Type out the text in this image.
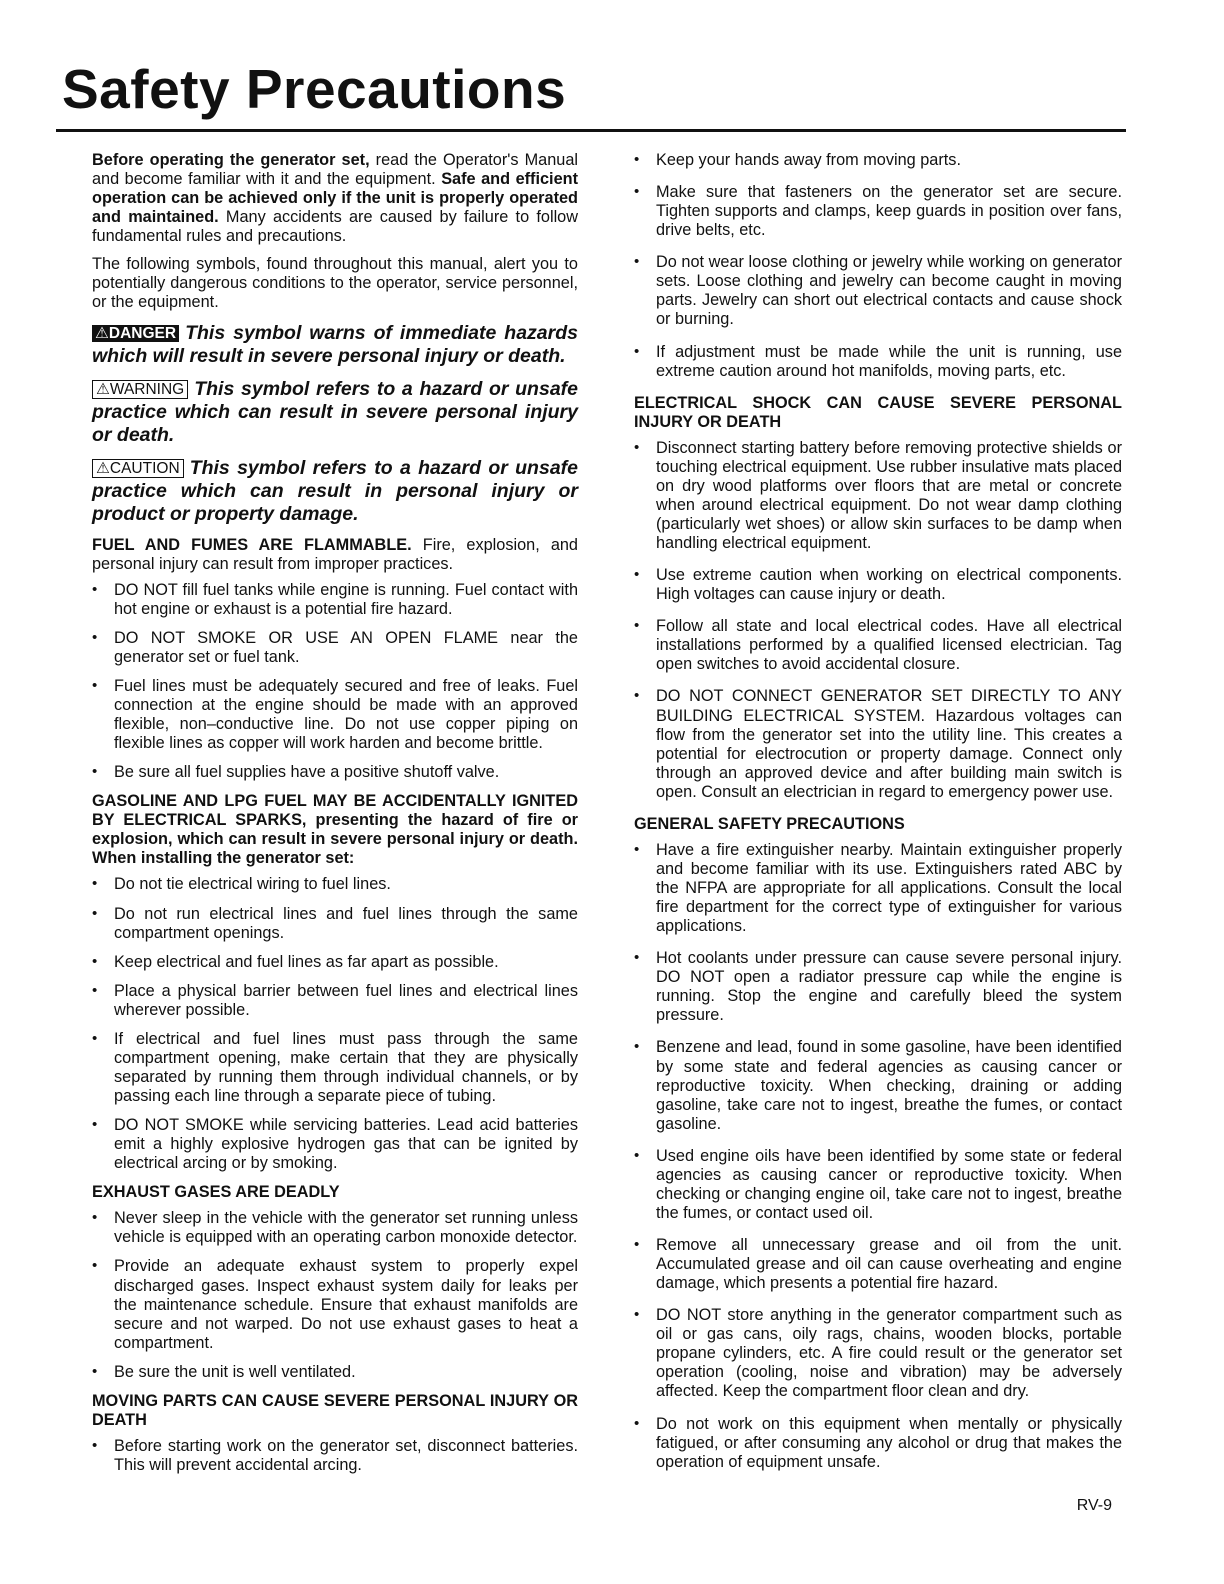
Safety Precautions

Before operating the generator set, read the Operator's Manual and become familiar with it and the equipment. Safe and efficient operation can be achieved only if the unit is properly operated and maintained. Many accidents are caused by failure to follow fundamental rules and precautions.

The following symbols, found throughout this manual, alert you to potentially dangerous conditions to the operator, service personnel, or the equipment.

⚠DANGER This symbol warns of immediate hazards which will result in severe personal injury or death.

⚠WARNING This symbol refers to a hazard or unsafe practice which can result in severe personal injury or death.

⚠CAUTION This symbol refers to a hazard or unsafe practice which can result in personal injury or product or property damage.

FUEL AND FUMES ARE FLAMMABLE. Fire, explosion, and personal injury can result from improper practices.

• DO NOT fill fuel tanks while engine is running. Fuel contact with hot engine or exhaust is a potential fire hazard.
• DO NOT SMOKE OR USE AN OPEN FLAME near the generator set or fuel tank.
• Fuel lines must be adequately secured and free of leaks. Fuel connection at the engine should be made with an approved flexible, non–conductive line. Do not use copper piping on flexible lines as copper will work harden and become brittle.
• Be sure all fuel supplies have a positive shutoff valve.

GASOLINE AND LPG FUEL MAY BE ACCIDENTALLY IGNITED BY ELECTRICAL SPARKS, presenting the hazard of fire or explosion, which can result in severe personal injury or death. When installing the generator set:

• Do not tie electrical wiring to fuel lines.
• Do not run electrical lines and fuel lines through the same compartment openings.
• Keep electrical and fuel lines as far apart as possible.
• Place a physical barrier between fuel lines and electrical lines wherever possible.
• If electrical and fuel lines must pass through the same compartment opening, make certain that they are physically separated by running them through individual channels, or by passing each line through a separate piece of tubing.
• DO NOT SMOKE while servicing batteries. Lead acid batteries emit a highly explosive hydrogen gas that can be ignited by electrical arcing or by smoking.

EXHAUST GASES ARE DEADLY

• Never sleep in the vehicle with the generator set running unless vehicle is equipped with an operating carbon monoxide detector.
• Provide an adequate exhaust system to properly expel discharged gases. Inspect exhaust system daily for leaks per the maintenance schedule. Ensure that exhaust manifolds are secure and not warped. Do not use exhaust gases to heat a compartment.
• Be sure the unit is well ventilated.

MOVING PARTS CAN CAUSE SEVERE PERSONAL INJURY OR DEATH

• Before starting work on the generator set, disconnect batteries. This will prevent accidental arcing.
• Keep your hands away from moving parts.
• Make sure that fasteners on the generator set are secure. Tighten supports and clamps, keep guards in position over fans, drive belts, etc.
• Do not wear loose clothing or jewelry while working on generator sets. Loose clothing and jewelry can become caught in moving parts. Jewelry can short out electrical contacts and cause shock or burning.
• If adjustment must be made while the unit is running, use extreme caution around hot manifolds, moving parts, etc.

ELECTRICAL SHOCK CAN CAUSE SEVERE PERSONAL INJURY OR DEATH

• Disconnect starting battery before removing protective shields or touching electrical equipment. Use rubber insulative mats placed on dry wood platforms over floors that are metal or concrete when around electrical equipment. Do not wear damp clothing (particularly wet shoes) or allow skin surfaces to be damp when handling electrical equipment.
• Use extreme caution when working on electrical components. High voltages can cause injury or death.
• Follow all state and local electrical codes. Have all electrical installations performed by a qualified licensed electrician. Tag open switches to avoid accidental closure.
• DO NOT CONNECT GENERATOR SET DIRECTLY TO ANY BUILDING ELECTRICAL SYSTEM. Hazardous voltages can flow from the generator set into the utility line. This creates a potential for electrocution or property damage. Connect only through an approved device and after building main switch is open. Consult an electrician in regard to emergency power use.

GENERAL SAFETY PRECAUTIONS

• Have a fire extinguisher nearby. Maintain extinguisher properly and become familiar with its use. Extinguishers rated ABC by the NFPA are appropriate for all applications. Consult the local fire department for the correct type of extinguisher for various applications.
• Hot coolants under pressure can cause severe personal injury. DO NOT open a radiator pressure cap while the engine is running. Stop the engine and carefully bleed the system pressure.
• Benzene and lead, found in some gasoline, have been identified by some state and federal agencies as causing cancer or reproductive toxicity. When checking, draining or adding gasoline, take care not to ingest, breathe the fumes, or contact gasoline.
• Used engine oils have been identified by some state or federal agencies as causing cancer or reproductive toxicity. When checking or changing engine oil, take care not to ingest, breathe the fumes, or contact used oil.
• Remove all unnecessary grease and oil from the unit. Accumulated grease and oil can cause overheating and engine damage, which presents a potential fire hazard.
• DO NOT store anything in the generator compartment such as oil or gas cans, oily rags, chains, wooden blocks, portable propane cylinders, etc. A fire could result or the generator set operation (cooling, noise and vibration) may be adversely affected. Keep the compartment floor clean and dry.
• Do not work on this equipment when mentally or physically fatigued, or after consuming any alcohol or drug that makes the operation of equipment unsafe.
RV-9
